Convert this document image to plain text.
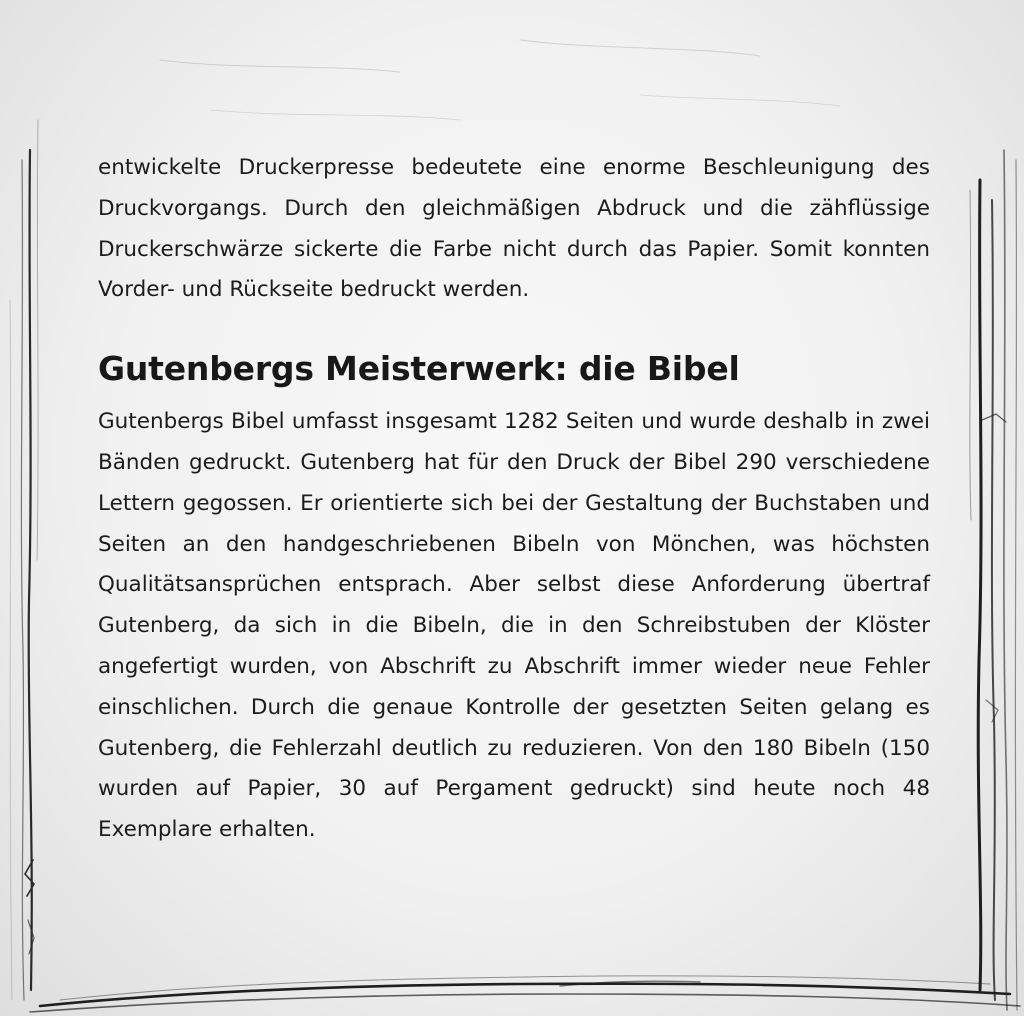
entwickelte Druckerpresse bedeutete eine enorme Beschleunigung des Druckvorgangs. Durch den gleichmäßigen Abdruck und die zähflüssige Druckerschwärze sickerte die Farbe nicht durch das Papier. Somit konnten Vorder- und Rückseite bedruckt werden.

Gutenbergs Meisterwerk: die Bibel

Gutenbergs Bibel umfasst insgesamt 1282 Seiten und wurde deshalb in zwei Bänden gedruckt. Gutenberg hat für den Druck der Bibel 290 verschiedene Lettern gegossen. Er orientierte sich bei der Gestaltung der Buchstaben und Seiten an den handgeschriebenen Bibeln von Mönchen, was höchsten Qualitätsansprüchen entsprach. Aber selbst diese Anforderung übertraf Gutenberg, da sich in die Bibeln, die in den Schreibstuben der Klöster angefertigt wurden, von Abschrift zu Abschrift immer wieder neue Fehler einschlichen. Durch die genaue Kontrolle der gesetzten Seiten gelang es Gutenberg, die Fehlerzahl deutlich zu reduzieren. Von den 180 Bibeln (150 wurden auf Papier, 30 auf Pergament gedruckt) sind heute noch 48 Exemplare erhalten.
